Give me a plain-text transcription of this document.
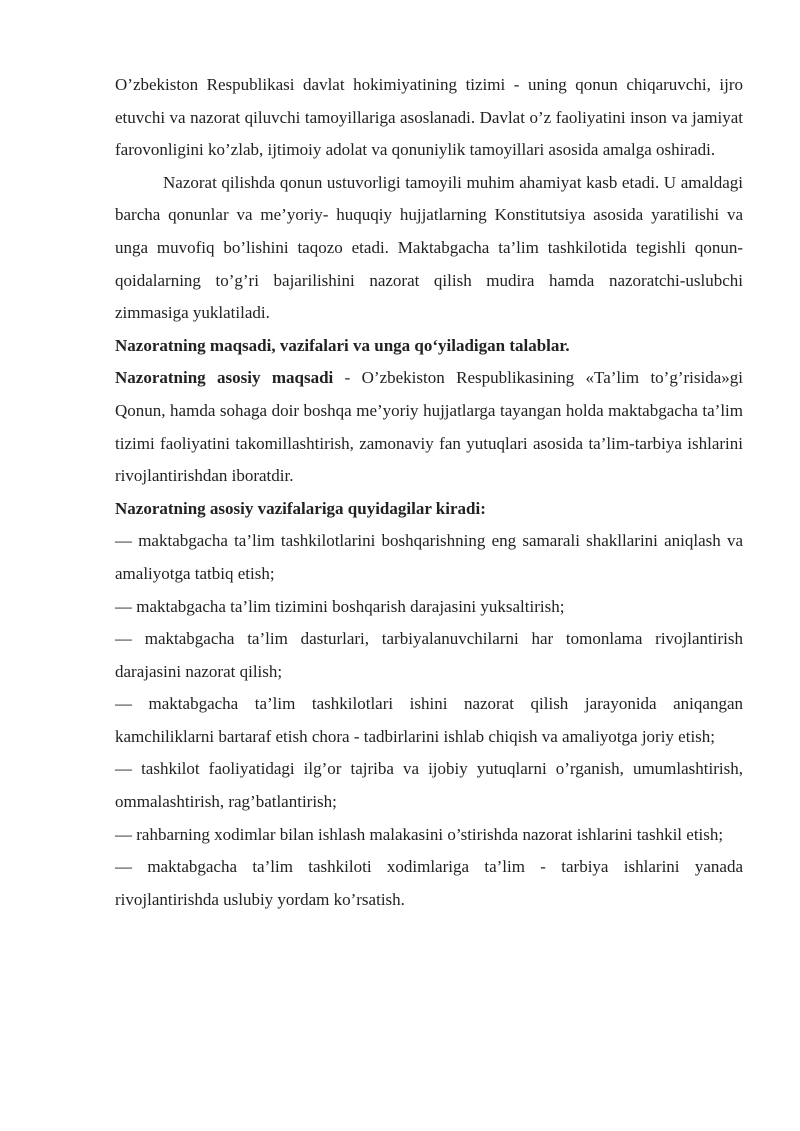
O’zbekiston Respublikasi davlat hokimiyatining tizimi - uning qonun chiqaruvchi, ijro etuvchi va nazorat qiluvchi tamoyillariga asoslanadi. Davlat o’z faoliyatini inson va jamiyat farovonligini ko’zlab, ijtimoiy adolat va qonuniylik tamoyillari asosida amalga oshiradi.

Nazorat qilishda qonun ustuvorligi tamoyili muhim ahamiyat kasb etadi. U amaldagi barcha qonunlar va me’yoriy- huquqiy hujjatlarning Konstitutsiya asosida yaratilishi va unga muvofiq bo’lishini taqozo etadi. Maktabgacha ta’lim tashkilotida tegishli qonun-qoidalarning to’g’ri bajarilishini nazorat qilish mudira hamda nazoratchi-uslubchi zimmasiga yuklatiladi.

Nazoratning maqsadi, vazifalari va unga qo‘yiladigan talablar.

Nazoratning asosiy maqsadi - O’zbekiston Respublikasining «Ta’lim to’g’risida»gi Qonun, hamda sohaga doir boshqa me’yoriy hujjatlarga tayangan holda maktabgacha ta’lim tizimi faoliyatini takomillashtirish, zamonaviy fan yutuqlari asosida ta’lim-tarbiya ishlarini rivojlantirishdan iboratdir.

Nazoratning asosiy vazifalariga quyidagilar kiradi:

— maktabgacha ta’lim tashkilotlarini boshqarishning eng samarali shakllarini aniqlash va amaliyotga tatbiq etish;

— maktabgacha ta’lim tizimini boshqarish darajasini yuksaltirish;

— maktabgacha ta’lim dasturlari, tarbiyalanuvchilarni har tomonlama rivojlantirish darajasini nazorat qilish;

— maktabgacha ta’lim tashkilotlari ishini nazorat qilish jarayonida aniqangan kamchiliklarni bartaraf etish chora - tadbirlarini ishlab chiqish va amaliyotga joriy etish;

— tashkilot faoliyatidagi ilg’or tajriba va ijobiy yutuqlarni o’rganish, umumlashtirish, ommalashtirish, rag’batlantirish;

— rahbarning xodimlar bilan ishlash malakasini o’stirishda nazorat ishlarini tashkil etish;

— maktabgacha ta’lim tashkiloti xodimlariga ta’lim - tarbiya ishlarini yanada rivojlantirishda uslubiy yordam ko’rsatish.
